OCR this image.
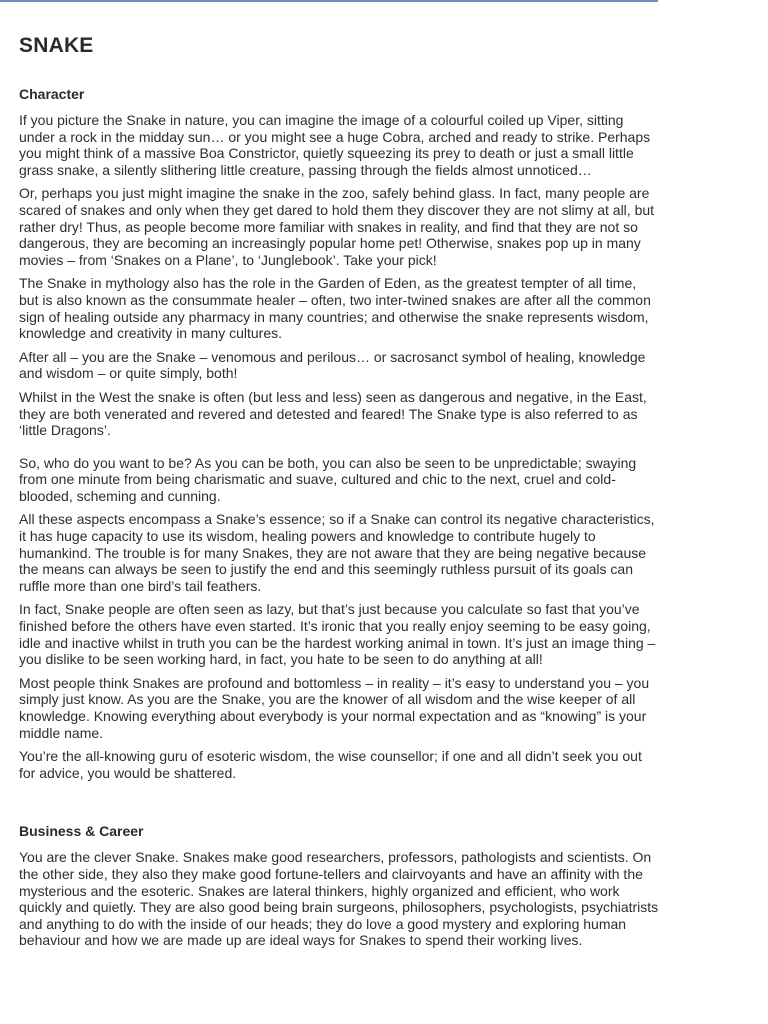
SNAKE
Character

If you picture the Snake in nature, you can imagine the image of a colourful coiled up Viper, sitting under a rock in the midday sun… or you might see a huge Cobra, arched and ready to strike. Perhaps you might think of a massive Boa Constrictor, quietly squeezing its prey to death or just a small little grass snake, a silently slithering little creature, passing through the fields almost unnoticed…

Or, perhaps you just might imagine the snake in the zoo, safely behind glass. In fact, many people are scared of snakes and only when they get dared to hold them they discover they are not slimy at all, but rather dry! Thus, as people become more familiar with snakes in reality, and find that they are not so dangerous, they are becoming an increasingly popular home pet! Otherwise, snakes pop up in many movies – from ‘Snakes on a Plane’, to ‘Junglebook’. Take your pick!

The Snake in mythology also has the role in the Garden of Eden, as the greatest tempter of all time, but is also known as the consummate healer – often, two inter-twined snakes are after all the common sign of healing outside any pharmacy in many countries; and otherwise the snake represents wisdom, knowledge and creativity in many cultures.

After all – you are the Snake – venomous and perilous… or sacrosanct symbol of healing, knowledge and wisdom – or quite simply, both!

Whilst in the West the snake is often (but less and less) seen as dangerous and negative, in the East, they are both venerated and revered and detested and feared! The Snake type is also referred to as ‘little Dragons’.

So, who do you want to be? As you can be both, you can also be seen to be unpredictable; swaying from one minute from being charismatic and suave, cultured and chic to the next, cruel and cold-blooded, scheming and cunning.

All these aspects encompass a Snake’s essence; so if a Snake can control its negative characteristics, it has huge capacity to use its wisdom, healing powers and knowledge to contribute hugely to humankind. The trouble is for many Snakes, they are not aware that they are being negative because the means can always be seen to justify the end and this seemingly ruthless pursuit of its goals can ruffle more than one bird’s tail feathers.

In fact, Snake people are often seen as lazy, but that’s just because you calculate so fast that you’ve finished before the others have even started. It’s ironic that you really enjoy seeming to be easy going, idle and inactive whilst in truth you can be the hardest working animal in town. It’s just an image thing – you dislike to be seen working hard, in fact, you hate to be seen to do anything at all!

Most people think Snakes are profound and bottomless – in reality – it’s easy to understand you – you simply just know. As you are the Snake, you are the knower of all wisdom and the wise keeper of all knowledge. Knowing everything about everybody is your normal expectation and as “knowing” is your middle name.

You’re the all-knowing guru of esoteric wisdom, the wise counsellor; if one and all didn’t seek you out for advice, you would be shattered.

Business & Career

You are the clever Snake. Snakes make good researchers, professors, pathologists and scientists. On the other side, they also they make good fortune-tellers and clairvoyants and have an affinity with the mysterious and the esoteric. Snakes are lateral thinkers, highly organized and efficient, who work quickly and quietly. They are also good being brain surgeons, philosophers, psychologists, psychiatrists and anything to do with the inside of our heads; they do love a good mystery and exploring human behaviour and how we are made up are ideal ways for Snakes to spend their working lives.
